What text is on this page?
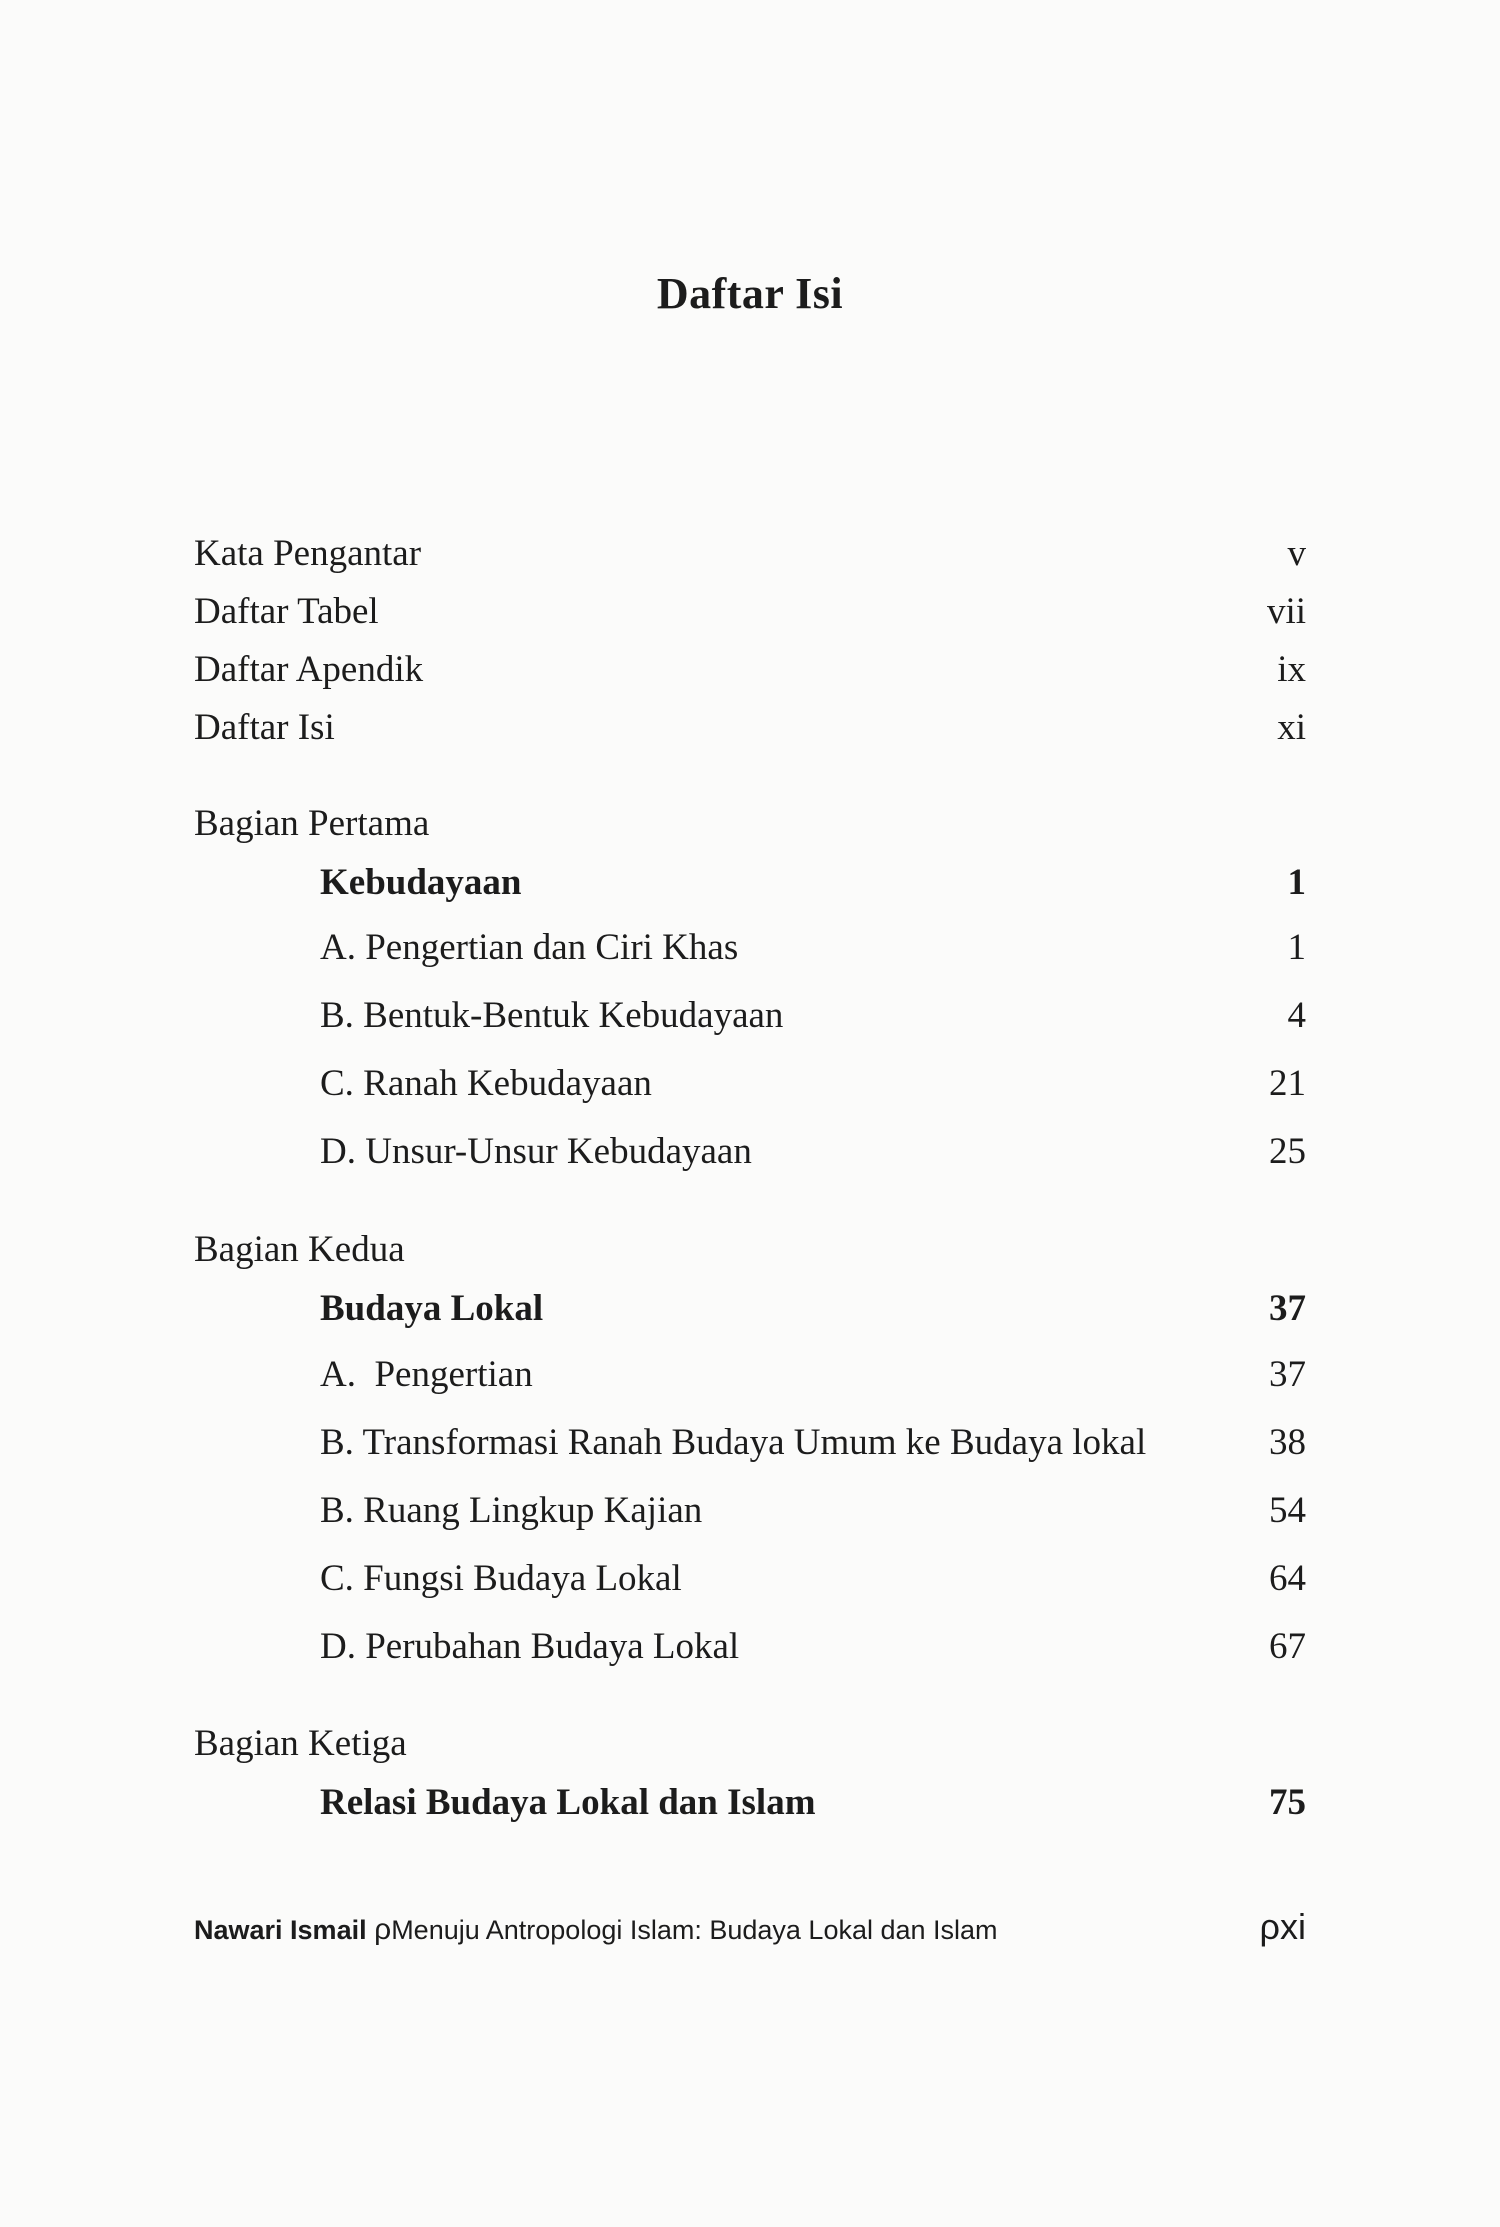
Daftar Isi
Kata Pengantar	v
Daftar Tabel	vii
Daftar Apendik	ix
Daftar Isi	xi
Bagian Pertama
Kebudayaan	1
A. Pengertian dan Ciri Khas	1
B. Bentuk-Bentuk Kebudayaan	4
C. Ranah Kebudayaan	21
D. Unsur-Unsur Kebudayaan	25
Bagian Kedua
Budaya Lokal	37
A.  Pengertian	37
B. Transformasi Ranah Budaya Umum ke Budaya lokal	38
B. Ruang Lingkup Kajian	54
C. Fungsi Budaya Lokal	64
D. Perubahan Budaya Lokal	67
Bagian Ketiga
Relasi Budaya Lokal dan Islam	75
Nawari Ismail ρMenuju Antropologi Islam: Budaya Lokal dan Islam	ρxi
